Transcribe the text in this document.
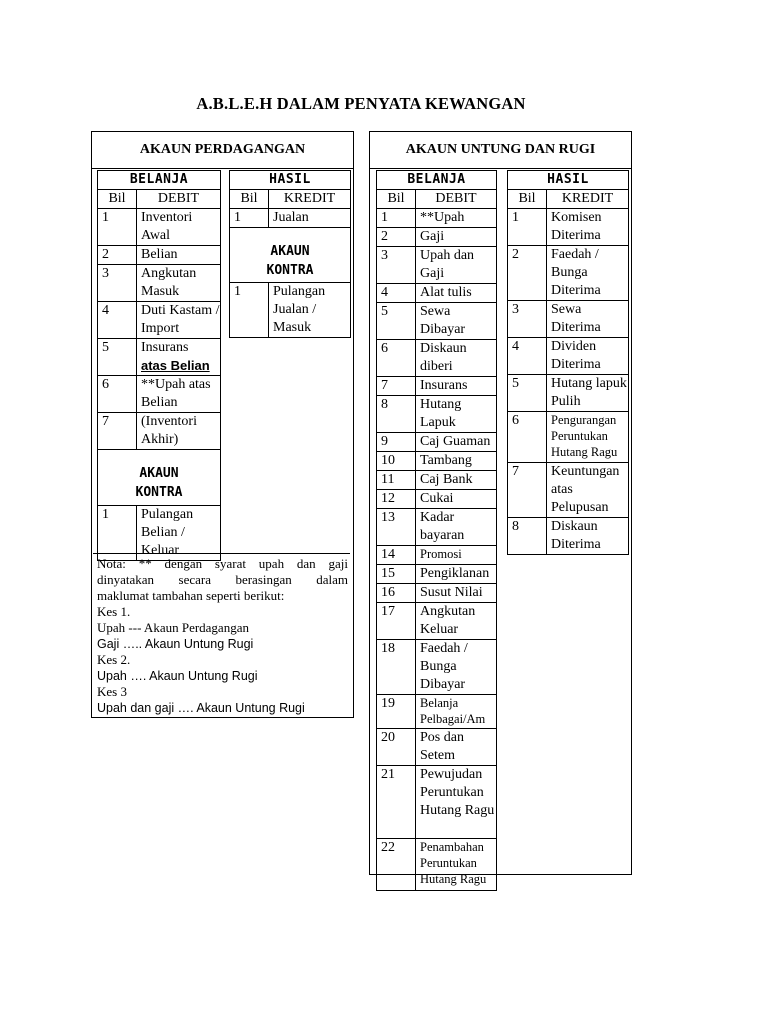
A.B.L.E.H DALAM PENYATA KEWANGAN
AKAUN PERDAGANGAN
BELANJA	
Bil	DEBIT
1	Inventori Awal
2	Belian
3	Angkutan Masuk
4	Duti Kastam / Import
5	Insurans
atas Belian

6	**Upah atas Belian
7	(Inventori Akhir)

AKAUN
KONTRA	

1	Pulangan Belian / Keluar
HASIL	
Bil	KREDIT
1	Jualan

AKAUN
KONTRA	

1	Pulangan Jualan / Masuk
Nota: ** dengan syarat upah dan gaji
dinyatakan secara berasingan dalam
maklumat tambahan seperti berikut:
Kes 1.
Upah --- Akaun Perdagangan
Gaji ….. Akaun Untung Rugi
Kes 2.
Upah …. Akaun Untung Rugi
Kes 3
Upah dan gaji …. Akaun Untung Rugi
AKAUN UNTUNG DAN RUGI
BELANJA	
Bil	DEBIT
1	**Upah
2	Gaji
3	Upah dan Gaji
4	Alat tulis
5	Sewa Dibayar
6	Diskaun diberi
7	Insurans
8	Hutang Lapuk
9	Caj Guaman
10	Tambang
11	Caj Bank
12	Cukai
13	Kadar bayaran
14	Promosi
15	Pengiklanan
16	Susut Nilai
17	Angkutan Keluar
18	Faedah / Bunga Dibayar
19	Belanja Pelbagai/Am
20	Pos dan Setem
21	Pewujudan Peruntukan Hutang Ragu
22	Penambahan Peruntukan Hutang Ragu
HASIL	
Bil	KREDIT
1	Komisen Diterima
2	Faedah / Bunga Diterima
3	Sewa Diterima
4	Dividen Diterima
5	Hutang lapuk Pulih
6	Pengurangan Peruntukan Hutang Ragu
7	Keuntungan atas Pelupusan
8	Diskaun Diterima
